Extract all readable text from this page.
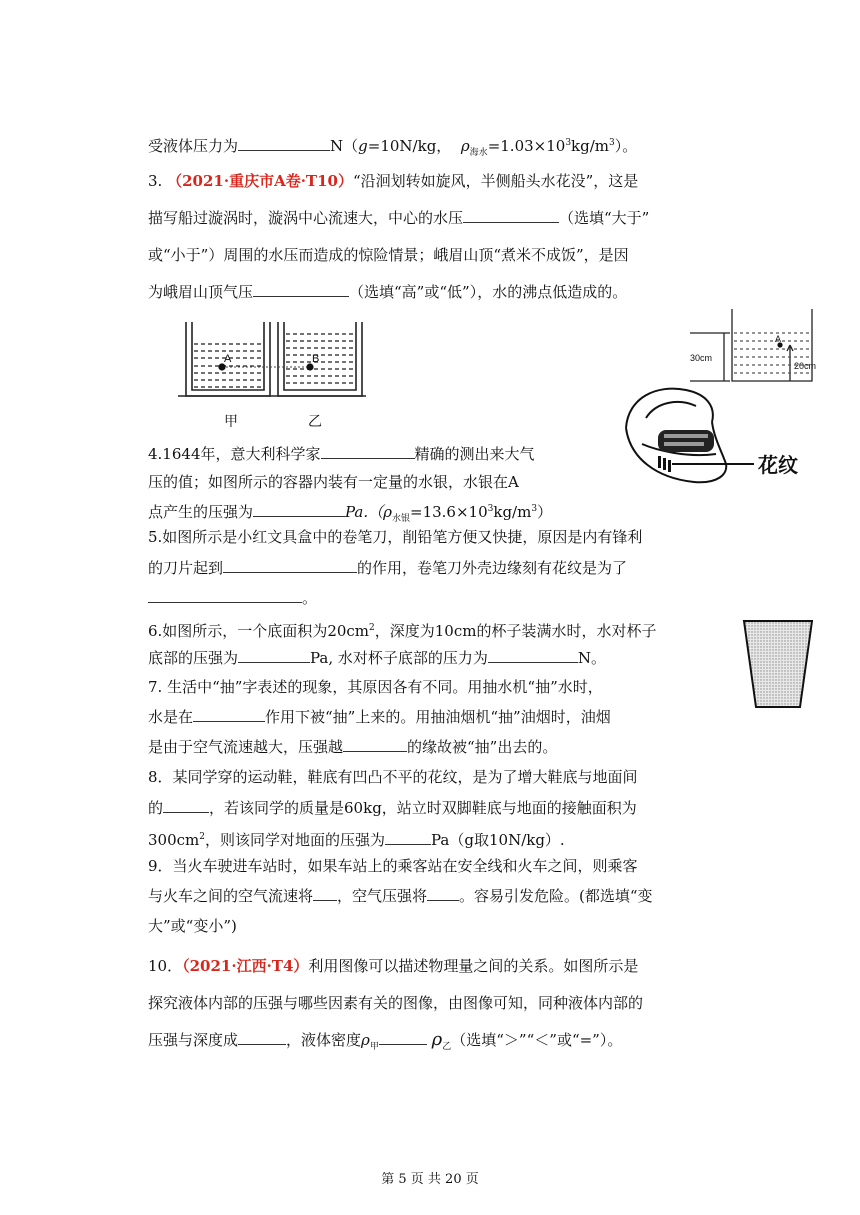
受液体压力为	N（g=10N/kg， $\rho_{海水}=1.03\times 10^3kg/m^3$）。
3. （2021·重庆市A卷·T10）“沿洄划转如旋风，半侧船头水花没”，这是
描写船过漩涡时，漩涡中心流速大，中心的水压	（选填“大于”
或“小于”）周围的水压而造成的惊险情景；峨眉山顶“煮米不成饭”，是因
为峨眉山顶气压	（选填“高”或“低”），水的沸点低造成的。
A	B
甲	乙
A
30cm
20cm
花纹
4.1644年，意大利科学家	精确的测出来大气
压的值；如图所示的容器内装有一定量的水银，水银在A
点产生的压强为	$Pa.(\rho_{水银}=13.6\times 10^3kg/m^3)$
5.如图所示是小红文具盒中的卷笔刀，削铅笔方便又快捷，原因是内有锋利
的刀片起到	的作用，卷笔刀外壳边缘刻有花纹是为了
。
6.如图所示，一个底面积为$20cm^2$，深度为10cm的杯子装满水时，水对杯子
底部的压强为	Pa, 水对杯子底部的压力为	N。
7. 生活中“抽”字表述的现象，其原因各有不同。用抽水机“抽”水时，
水是在	作用下被“抽”上来的。用抽油烟机“抽”油烟时，油烟
是由于空气流速越大，压强越	的缘故被“抽”出去的。
8．某同学穿的运动鞋，鞋底有凹凸不平的花纹，是为了增大鞋底与地面间
的	，若该同学的质量是60kg，站立时双脚鞋底与地面的接触面积为
$300cm^2$，则该同学对地面的压强为	Pa（g取10N/kg）.
9．当火车驶进车站时，如果车站上的乘客站在安全线和火车之间，则乘客
与火车之间的空气流速将 ，空气压强将 。容易引发危险。(都选填“变
大”或“变小”)
10．（2021·江西·T4）利用图像可以描述物理量之间的关系。如图所示是
探究液体内部的压强与哪些因素有关的图像，由图像可知，同种液体内部的
压强与深度成	，液体密度$\rho_甲$	$\rho_乙$（选填“＞”“＜”或“=”）。
第 5 页 共 20 页
